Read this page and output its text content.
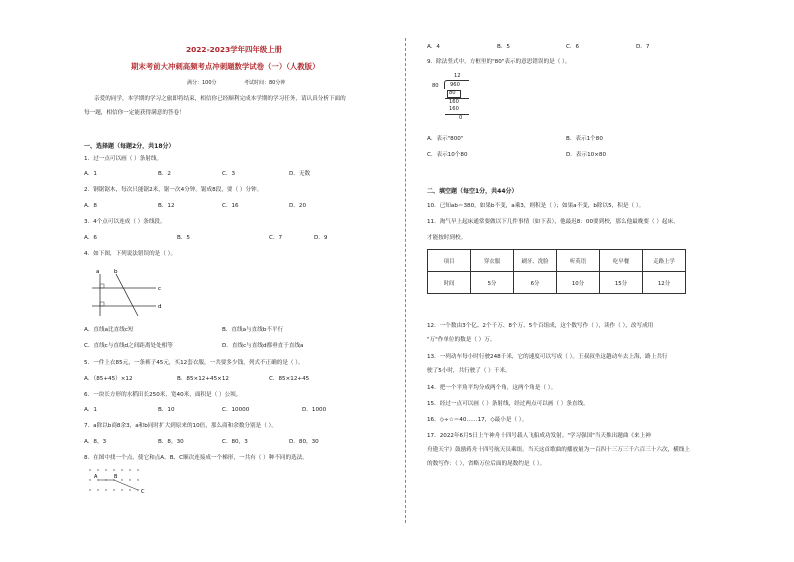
2022-2023学年四年级上册
期末考前大冲刺高频考点冲刺题数学试卷（一）（人教版）
满分：100分	考试时间：80分钟
亲爱的同学，本学期的学习之旅即将结束，相信你已经顺利完成本学期的学习任务，请认真分析下面的
每一题，相信你一定能获得满意的答卷！
一、选择题（每题2分，共18分）
1．过一点可以画（ ）条射线。
A．1	B．2	C．3	D．无数
2．钢锯锯木，每次只能锯2米，锯一次4分钟。锯成8段，要（ ）分钟。
A．8	B．12	C．16	D．20
3．4个点可以连成（ ）条线段。
A．6	B．5	C．7	D．9
4．如下图，下列说法错误的是（ ）。
a	b
c
d
A．直线a比直线c短	B．直线a与直线b不平行
C．直线c与直线d之间距离处处相等	D．直线c与直线d都垂直于直线a
5．一件上衣85元，一条裤子45元，买12套衣服，一共要多少钱，列式不正确的是（ ）。
A．（85+45）×12	B．85×12+45×12	C．85×12+45
6．一块长方形的水稻田长250米，宽40米，面积是（ ）公顷。
A．1	B．10	C．10000	D．1000
7．a除以b商8余3，a和b同时扩大到原来的10倍，那么商和余数分别是（ ）。
A．8，3	B．8，30	C．80，3	D．80，30
8．在图中找一个点，使它和点A、B、C顺次连接成一个梯形，一共有（ ）种不同的选法。
A	B
C
A．4	B．5	C．6	D．7
9．除法竖式中，方框里的"80"表示的意思错误的是（ ）。
12
80 960
80
160
160
0
A．表示"800"	B．表示1个80
C．表示10个80	D．表示10×80
二、填空题（每空1分，共44分）
10．已知ab＝380，如果b不变，a乘3，则积是（ ）；如果a不变，b除以5，积是（ ）。
11．淘气早上起床通常要做以下几件事情（如下表），他最迟8：00要到校，那么他最晚要（ ）起床，
才能按时到校。
项目	穿衣服	刷牙、洗脸	听英语	吃早餐	走路上学
时间	5分	6分	10分	15分	12分
12．一个数由3个亿、2个千万、8个万、5个百组成，这个数写作（ ），读作（ ），改写成用
"万"作单位的数是（ ）万。
13．一列动车每小时行驶248千米，它的速度可以写成（ ）。王叔叔坐这趟动车去上海，路上共行
驶了5小时，共行驶了（ ）千米。
14．把一个平角平均分成两个角，这两个角是（ ）。
15．经过一点可以画（ ）条射线，经过两点可以画（ ）条直线。
16．◇÷☆＝40……17，◇最小是（ ）。
17．2022年6月5日上午神舟十四号载人飞船成功发射。"学习强国"当天推出题曲《来上神
舟遨天宇》鼓励蒋舟十四号航天员乘组。当天这首歌曲的播放量为一百四十三万三千六百三十六次，横线上
的数写作：（ ），省略万位后面的尾数约是（ ）。
